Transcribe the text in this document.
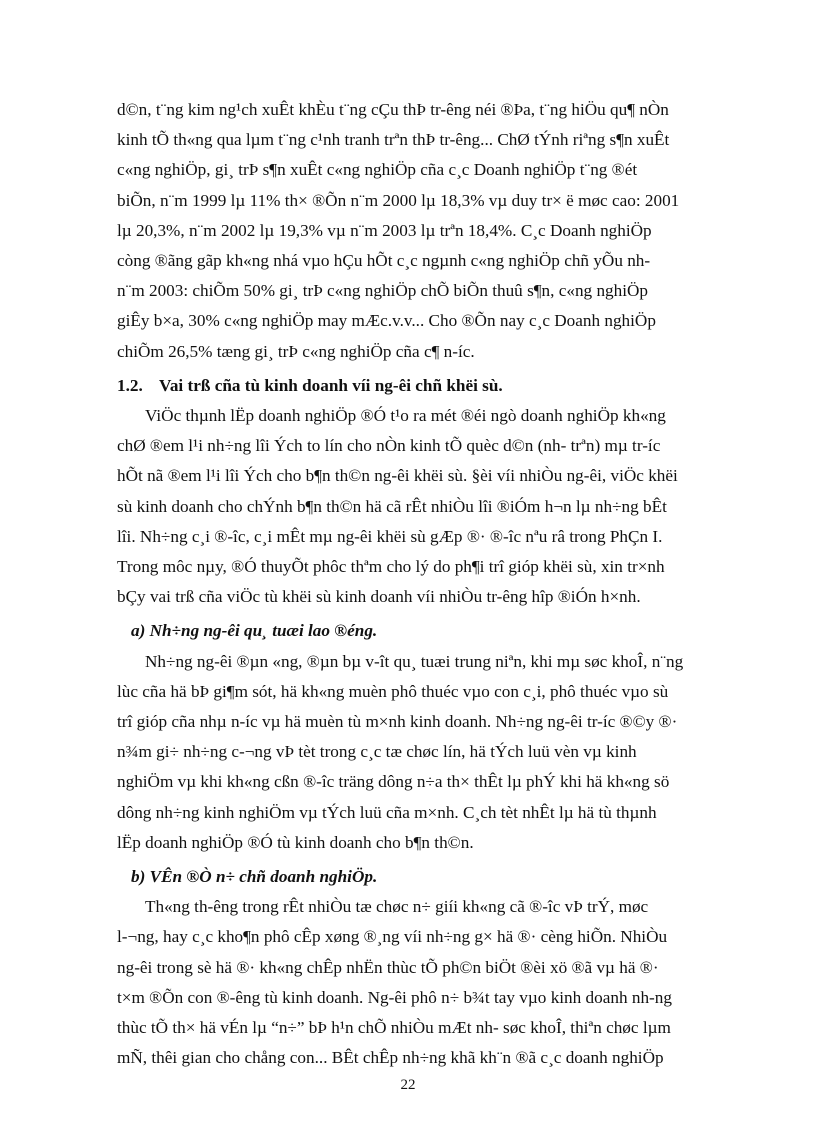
d©n, t¨ng kim ng¹ch xuÊt khÈu t¨ng cÇu thÞ tr-êng néi ®Þa, t¨ng hiÖu qu¶ nÒn
kinh tÕ th«ng qua lµm t¨ng c¹nh tranh trªn thÞ tr-êng... ChØ tÝnh riªng s¶n xuÊt
c«ng nghiÖp, gi¸ trÞ s¶n xuÊt c«ng nghiÖp cña c¸c Doanh nghiÖp t¨ng ®ét
biÕn, n¨m 1999 lµ 11% th× ®Õn n¨m 2000 lµ 18,3% vµ duy tr× ë møc cao: 2001
lµ 20,3%, n¨m 2002 lµ 19,3% vµ n¨m 2003 lµ trªn 18,4%. C¸c Doanh nghiÖp
còng ®ãng gãp kh«ng nhá vµo hÇu hÕt c¸c ngµnh c«ng nghiÖp chñ yÕu nh-
n¨m 2003: chiÕm 50% gi¸ trÞ c«ng nghiÖp chÕ biÕn thuû s¶n, c«ng nghiÖp
giÊy b×a, 30% c«ng nghiÖp may mÆc.v.v... Cho ®Õn nay c¸c Doanh nghiÖp
chiÕm 26,5% tæng gi¸ trÞ c«ng nghiÖp cña c¶ n-íc.
1.2. Vai trß cña tù kinh doanh víi ng-êi chñ khëi sù.
ViÖc thµnh lËp doanh nghiÖp ®Ó t¹o ra mét ®éi ngò doanh nghiÖp kh«ng
chØ ®em l¹i nh÷ng lîi Ých to lín cho nÒn kinh tÕ quèc d©n (nh- trªn) mµ tr-íc
hÕt nã ®em l¹i lîi Ých cho b¶n th©n ng-êi khëi sù. §èi víi nhiÒu ng-êi, viÖc khëi
sù kinh doanh cho chÝnh b¶n th©n hä cã rÊt nhiÒu lîi ®iÓm h¬n lµ nh÷ng bÊt
lîi. Nh÷ng c¸i ®-îc, c¸i mÊt mµ ng-êi khëi sù gÆp ®· ®-îc nªu râ trong PhÇn I.
Trong môc nµy, ®Ó thuyÕt phôc thªm cho lý do ph¶i trî gióp khëi sù, xin tr×nh
bÇy vai trß cña viÖc tù khëi sù kinh doanh víi nhiÒu tr-êng hîp ®iÓn h×nh.
a) Nh÷ng ng-êi qu¸ tuæi lao ®éng.
Nh÷ng ng-êi ®µn «ng, ®µn bµ v-ît qu¸ tuæi trung niªn, khi mµ søc khoÎ, n¨ng
lùc cña hä bÞ gi¶m sót, hä kh«ng muèn phô thuéc vµo con c¸i, phô thuéc vµo sù
trî gióp cña nhµ n-íc vµ hä muèn tù m×nh kinh doanh. Nh÷ng ng-êi tr-íc ®©y ®·
n¾m gi÷ nh÷ng c-¬ng vÞ tèt trong c¸c tæ chøc lín, hä tÝch luü vèn vµ kinh
nghiÖm vµ khi kh«ng cßn ®-îc träng dông n÷a th× thÊt lµ phÝ khi hä kh«ng sö
dông nh÷ng kinh nghiÖm vµ tÝch luü cña m×nh. C¸ch tèt nhÊt lµ hä tù thµnh
lËp doanh nghiÖp ®Ó tù kinh doanh cho b¶n th©n.
b) VÊn ®Ò n÷ chñ doanh nghiÖp.
Th«ng th-êng trong rÊt nhiÒu tæ chøc n÷ giíi kh«ng cã ®-îc vÞ trÝ, møc
l-¬ng, hay c¸c kho¶n phô cÊp xøng ®¸ng víi nh÷ng g× hä ®· cèng hiÕn. NhiÒu
ng-êi trong sè hä ®· kh«ng chÊp nhËn thùc tÕ ph©n biÖt ®èi xö ®ã vµ hä ®·
t×m ®Õn con ®-êng tù kinh doanh. Ng-êi phô n÷ b¾t tay vµo kinh doanh nh-ng
thùc tÕ th× hä vÉn lµ “n÷” bÞ h¹n chÕ nhiÒu mÆt nh- søc khoÎ, thiªn chøc lµm
mÑ, thêi gian cho chång con... BÊt chÊp nh÷ng khã kh¨n ®ã c¸c doanh nghiÖp
22
